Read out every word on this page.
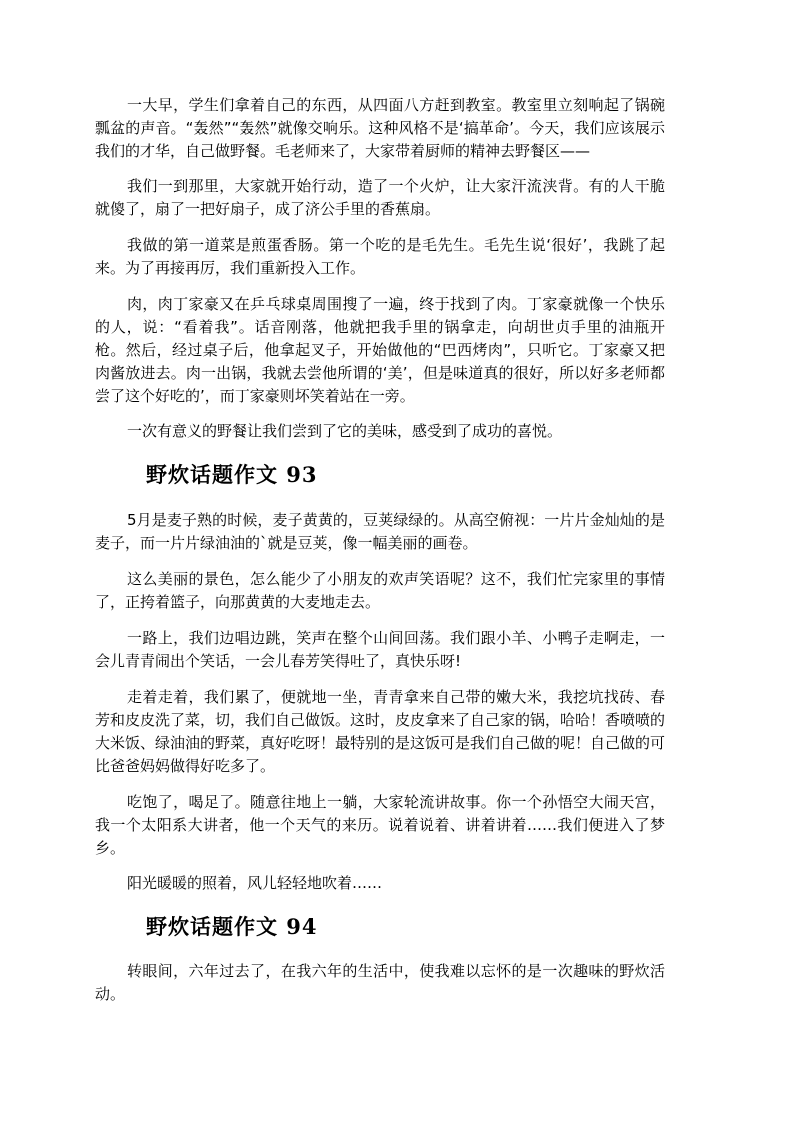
一大早，学生们拿着自己的东西，从四面八方赶到教室。教室里立刻响起了锅碗瓢盆的声音。“轰然”“轰然”就像交响乐。这种风格不是‘搞革命’。今天，我们应该展示我们的才华，自己做野餐。毛老师来了，大家带着厨师的精神去野餐区——

我们一到那里，大家就开始行动，造了一个火炉，让大家汗流浃背。有的人干脆就傻了，扇了一把好扇子，成了济公手里的香蕉扇。

我做的第一道菜是煎蛋香肠。第一个吃的是毛先生。毛先生说‘很好’，我跳了起来。为了再接再厉，我们重新投入工作。

肉，肉丁家豪又在乒乓球桌周围搜了一遍，终于找到了肉。丁家豪就像一个快乐的人，说：“看着我”。话音刚落，他就把我手里的锅拿走，向胡世贞手里的油瓶开枪。然后，经过桌子后，他拿起叉子，开始做他的“巴西烤肉”，只听它。丁家豪又把肉酱放进去。肉一出锅，我就去尝他所谓的‘美’，但是味道真的很好，所以好多老师都尝了这个好吃的’，而丁家豪则坏笑着站在一旁。

一次有意义的野餐让我们尝到了它的美味，感受到了成功的喜悦。

野炊话题作文 93

5月是麦子熟的时候，麦子黄黄的，豆荚绿绿的。从高空俯视：一片片金灿灿的是麦子，而一片片绿油油的`就是豆荚，像一幅美丽的画卷。

这么美丽的景色，怎么能少了小朋友的欢声笑语呢？这不，我们忙完家里的事情了，正挎着篮子，向那黄黄的大麦地走去。

一路上，我们边唱边跳，笑声在整个山间回荡。我们跟小羊、小鸭子走啊走，一会儿青青闹出个笑话，一会儿春芳笑得吐了，真快乐呀!

走着走着，我们累了，便就地一坐，青青拿来自己带的嫩大米，我挖坑找砖、春芳和皮皮洗了菜，切，我们自己做饭。这时，皮皮拿来了自己家的锅，哈哈！香喷喷的大米饭、绿油油的野菜，真好吃呀！最特别的是这饭可是我们自己做的呢！自己做的可比爸爸妈妈做得好吃多了。

吃饱了，喝足了。随意往地上一躺，大家轮流讲故事。你一个孙悟空大闹天宫，我一个太阳系大讲者，他一个天气的来历。说着说着、讲着讲着……我们便进入了梦乡。

阳光暖暖的照着，风儿轻轻地吹着……

野炊话题作文 94

转眼间，六年过去了，在我六年的生活中，使我难以忘怀的是一次趣味的野炊活动。
